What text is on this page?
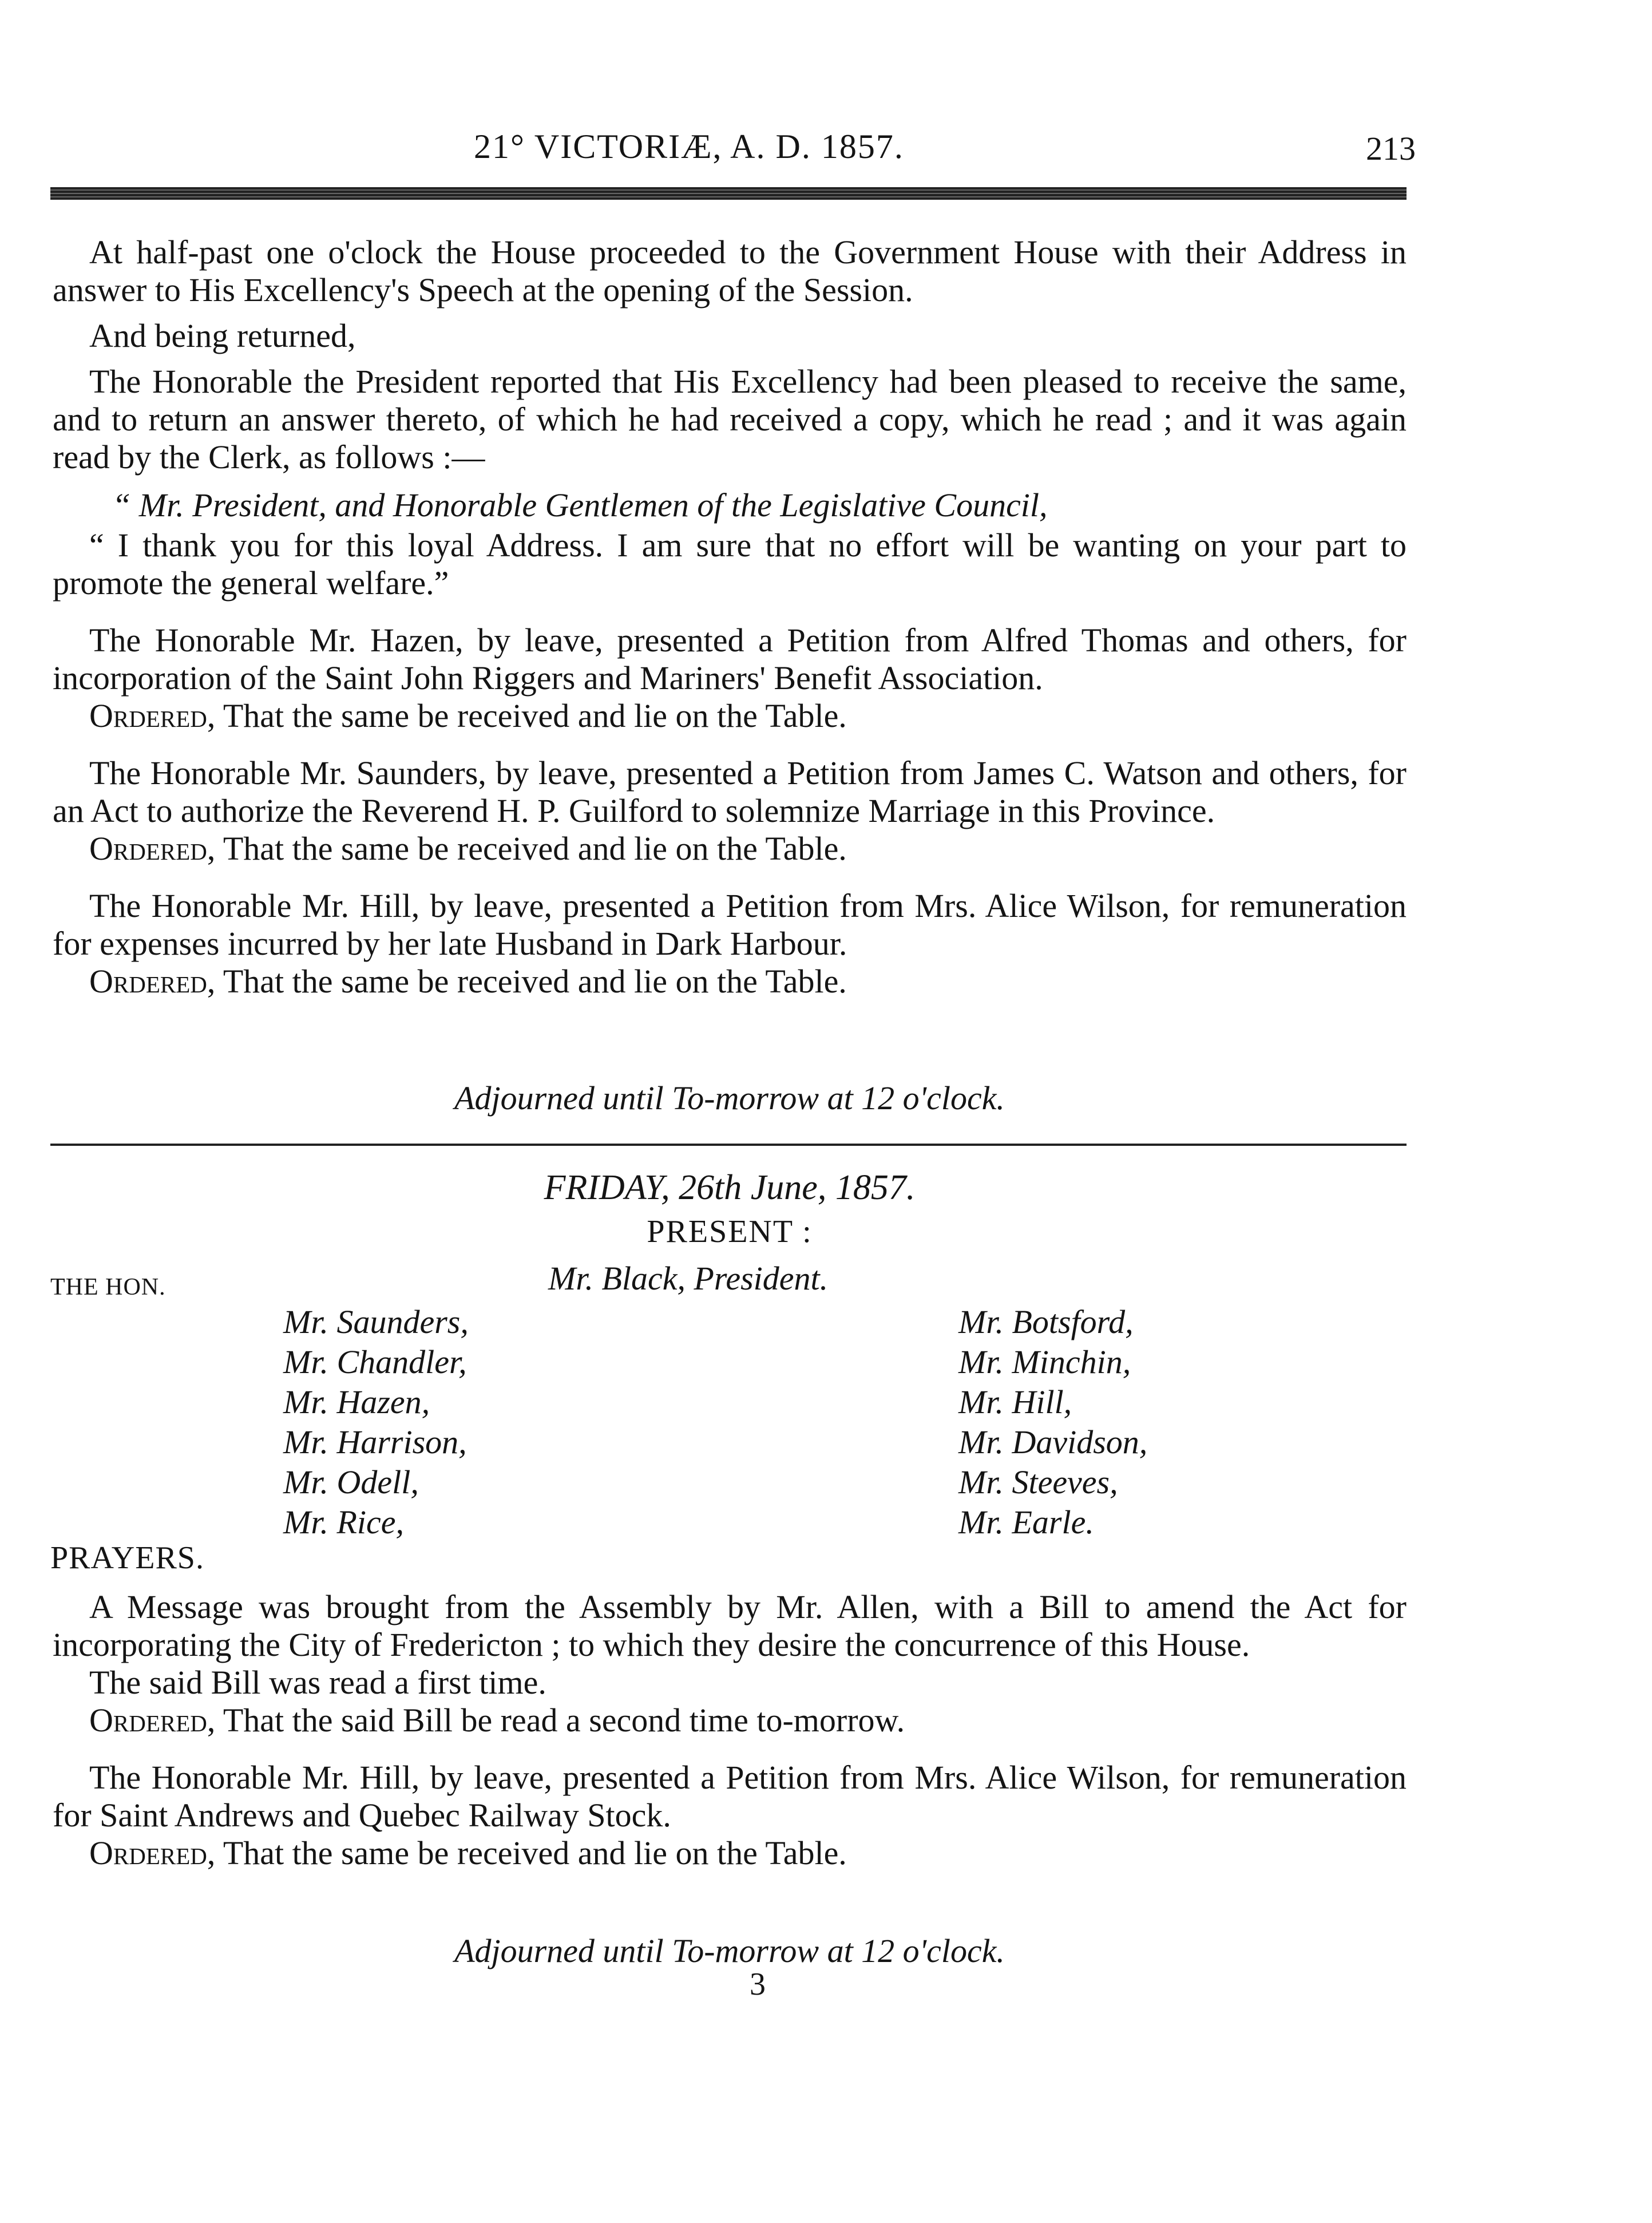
21° VICTORIÆ, A. D. 1857.	213

At half-past one o'clock the House proceeded to the Government House with their Address in answer to His Excellency's Speech at the opening of the Session.

And being returned,

The Honorable the President reported that His Excellency had been pleased to receive the same, and to return an answer thereto, of which he had received a copy, which he read ; and it was again read by the Clerk, as follows :—

“ Mr. President, and Honorable Gentlemen of the Legislative Council,

“ I thank you for this loyal Address. I am sure that no effort will be wanting on your part to promote the general welfare.”

The Honorable Mr. Hazen, by leave, presented a Petition from Alfred Thomas and others, for incorporation of the Saint John Riggers and Mariners' Benefit Association.

Ordered, That the same be received and lie on the Table.

The Honorable Mr. Saunders, by leave, presented a Petition from James C. Watson and others, for an Act to authorize the Reverend H. P. Guilford to solemnize Marriage in this Province.

Ordered, That the same be received and lie on the Table.

The Honorable Mr. Hill, by leave, presented a Petition from Mrs. Alice Wilson, for remuneration for expenses incurred by her late Husband in Dark Harbour.

Ordered, That the same be received and lie on the Table.

Adjourned until To-morrow at 12 o'clock.
FRIDAY, 26th June, 1857.
PRESENT :
THE HON.	Mr. Black, President.
Mr. Saunders,
Mr. Chandler,
Mr. Hazen,
Mr. Harrison,
Mr. Odell,
Mr. Rice,
Mr. Botsford,
Mr. Minchin,
Mr. Hill,
Mr. Davidson,
Mr. Steeves,
Mr. Earle.
PRAYERS.

A Message was brought from the Assembly by Mr. Allen, with a Bill to amend the Act for incorporating the City of Fredericton ; to which they desire the concurrence of this House.

The said Bill was read a first time.

Ordered, That the said Bill be read a second time to-morrow.

The Honorable Mr. Hill, by leave, presented a Petition from Mrs. Alice Wilson, for remuneration for Saint Andrews and Quebec Railway Stock.

Ordered, That the same be received and lie on the Table.

Adjourned until To-morrow at 12 o'clock.
3
